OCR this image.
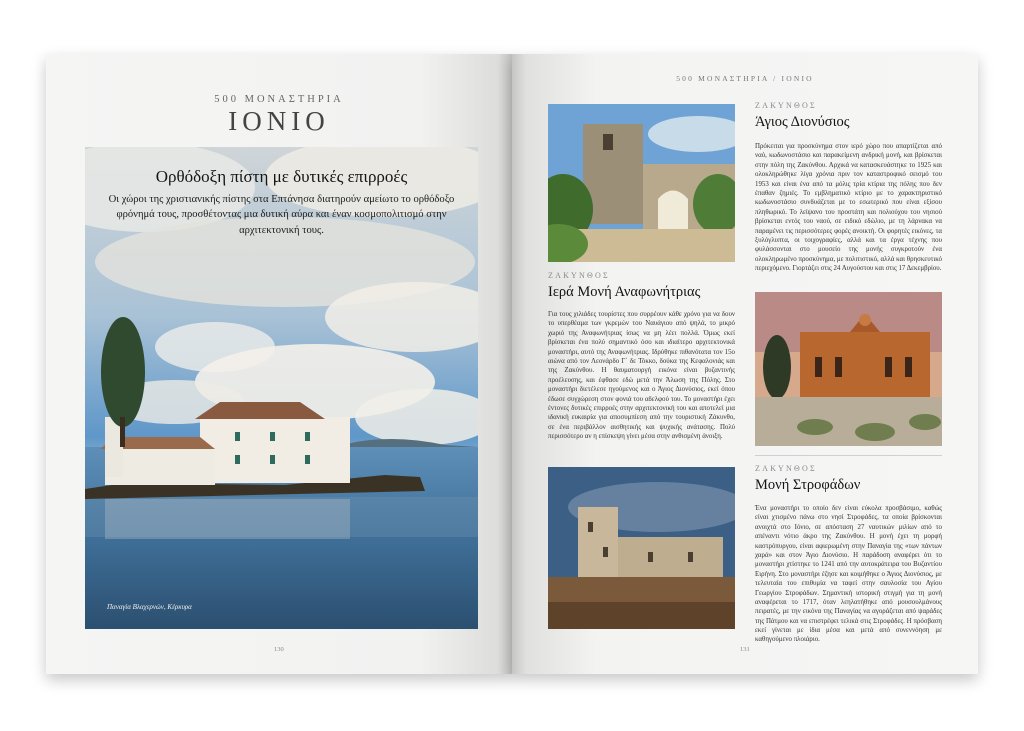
500 ΜΟΝΑΣΤΗΡΙΑ
ΙΟΝΙΟ
Ορθόδοξη πίστη με δυτικές επιρροές
Οι χώροι της χριστιανικής πίστης στα Επτάνησα διατηρούν αμείωτο το ορθόδοξο φρόνημά τους, προσθέτοντας μια δυτική αύρα και έναν κοσμοπολιτισμό στην αρχιτεκτονική τους.
Παναγία Βλαχερνών, Κέρκυρα
130
500 ΜΟΝΑΣΤΗΡΙΑ / ΙΟΝΙΟ
ΖΑΚΥΝΘΟΣ
Ιερά Μονή Αναφωνήτριας
Για τους χιλιάδες τουρίστες που συρρέουν κάθε χρόνο για να δουν το υπερθέαμα των γκρεμών του Ναυάγιου από ψηλά, το μικρό χωριό της Αναφωνήτριας ίσως να μη λέει πολλά. Όμως εκεί βρίσκεται ένα πολύ σημαντικό όσο και ιδιαίτερο αρχιτεκτονικά μοναστήρι, αυτό της Αναφωνήτριας. Ιδρύθηκε πιθανότατα τον 15ο αιώνα από τον Λεονάρδο Γ΄ δε Τόκκο, δούκα της Κεφαλονιάς και της Ζακύνθου. Η θαυματουργή εικόνα είναι βυζαντινής προέλευσης, και έφθασε εδώ μετά την Άλωση της Πόλης. Στο μοναστήρι διετέλεσε ηγούμενος και ο Άγιος Διονύσιος, εκεί όπου έδωσε συγχώρεση στον φονιά του αδελφού του. Το μοναστήρι έχει έντονες δυτικές επιρροές στην αρχιτεκτονική του και αποτελεί μια ιδανική ευκαιρία για αποσυμπίεση από την τουριστική Ζάκυνθο, σε ένα περιβάλλον αισθητικής και ψυχικής ανάτασης. Πολύ περισσότερο αν η επίσκεψη γίνει μέσα στην ανθισμένη άνοιξη.
ΖΑΚΥΝΘΟΣ
Άγιος Διονύσιος
Πρόκειται για προσκύνημα στον ιερό χώρο που απαρτίζεται από ναό, κωδωνοστάσιο και παρακείμενη ανδρική μονή, και βρίσκεται στην πόλη της Ζακύνθου. Αρχικά να κατασκευάστηκε το 1925 και ολοκληρώθηκε λίγα χρόνια πριν τον καταστροφικό σεισμό του 1953 και είναι ένα από τα μόλις τρία κτίρια της πόλης που δεν έπαθαν ζημιές. Το εμβληματικό κτίριο με το χαρακτηριστικό κωδωνοστάσιο συνδυάζεται με το εσωτερικό που είναι εξίσου πληθωρικό. Το λείψανο του προστάτη και πολιούχου του νησιού βρίσκεται εντός του ναού, σε ειδικό εδώλιο, με τη λάρνακα να παραμένει τις περισσότερες φορές ανοικτή. Οι φορητές εικόνες, τα ξυλόγλυπτα, οι τοιχογραφίες, αλλά και τα έργα τέχνης που φυλάσσονται στο μουσείο της μονής συγκροτούν ένα ολοκληρωμένο προσκύνημα, με πολιτιστικό, αλλά και θρησκευτικό περιεχόμενο. Γιορτάζει στις 24 Αυγούστου και στις 17 Δεκεμβρίου.
ΖΑΚΥΝΘΟΣ
Μονή Στροφάδων
Ένα μοναστήρι το οποίο δεν είναι εύκολα προσβάσιμο, καθώς είναι χτισμένο πάνω στο νησί Στροφάδες, τα οποία βρίσκονται ανοιχτά στο Ιόνιο, σε απόσταση 27 ναυτικών μιλίων από το απέναντι νότιο άκρο της Ζακύνθου. Η μονή έχει τη μορφή καστρόπυργου, είναι αφιερωμένη στην Παναγία της «των πάντων χαρά» και στον Άγιο Διονύσιο. Η παράδοση αναφέρει ότι το μοναστήρι χτίστηκε το 1241 από την αυτοκράτειρα του Βυζαντίου Ειρήνη. Στο μοναστήρι έζησε και κοιμήθηκε ο Άγιος Διονύσιος, με τελευταία του επιθυμία να ταφεί στην σαυλοσία του Αγίου Γεωργίου Στροφάδων. Σημαντική ιστορική στιγμή για τη μονή αναφέρεται το 1717, όταν λεηλατήθηκε από μουσουλμάνους πειρατές, με την εικόνα της Παναγίας να αγοράζεται από ψαράδες της Πάτμου και να επιστρέφει τελικά στις Στροφάδες. Η πρόσβαση εκεί γίνεται με ίδια μέσα και μετά από συνεννόηση με καθηγούμενο πλοιάριο.
131
